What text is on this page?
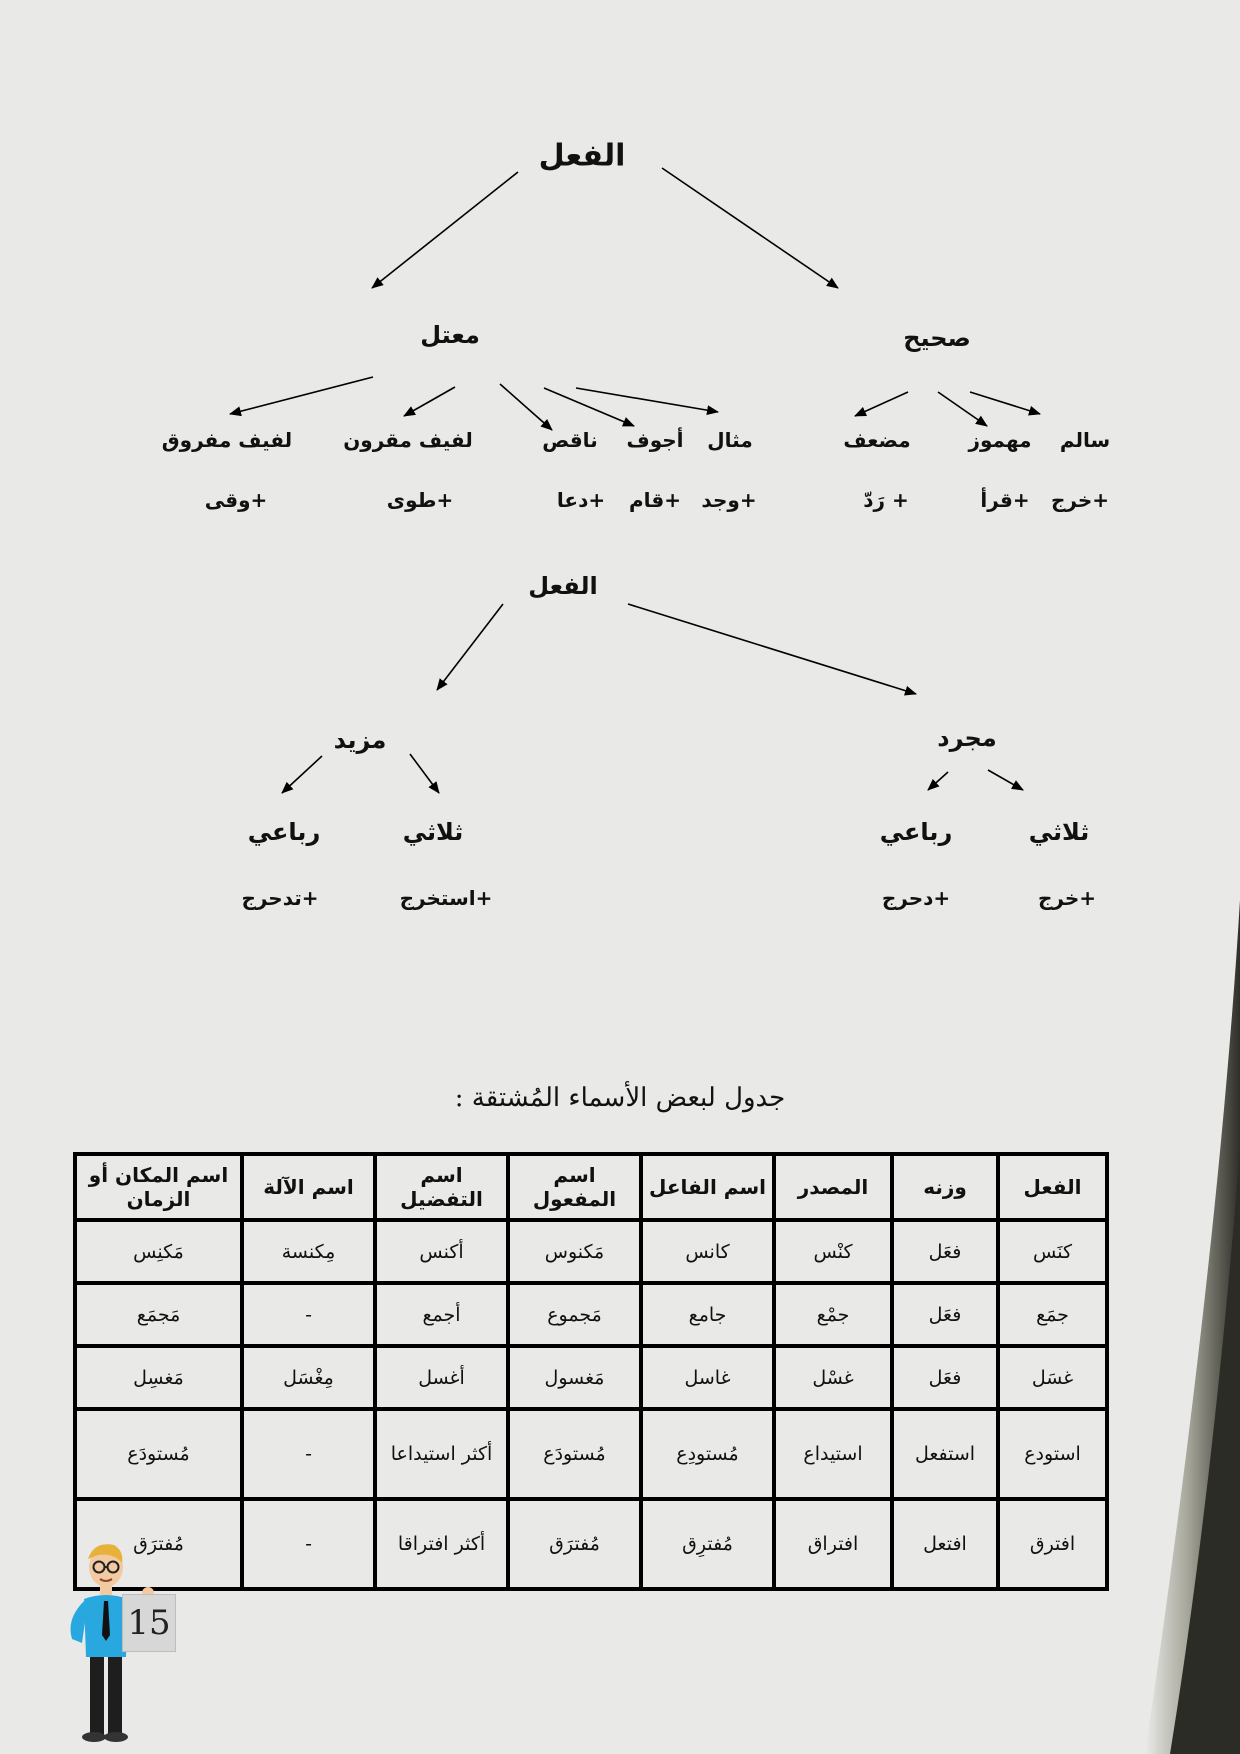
الفعل
صحيح
معتل
سالم
مهموز
مضعف
مثال
أجوف
ناقص
لفيف مقرون
لفيف مفروق
+خرج
+قرأ
+ رَدّ
+وجد
+قام
+دعا
+طوى
+وقى
الفعل
مجرد
مزيد
ثلاثي
رباعي
ثلاثي
رباعي
+خرج
+دحرج
+استخرج
+تدحرج
جدول لبعض الأسماء المُشتقة :
الفعل	وزنه	المصدر	اسم الفاعل	اسم المفعول	اسم التفضيل	اسم الآلة	اسم المكان أو الزمان
كنَس	فعَل	كنْس	كانس	مَكنوس	أكنس	مِكنسة	مَكنِس
جمَع	فعَل	جمْع	جامع	مَجموع	أجمع	-	مَجمَع
غسَل	فعَل	غسْل	غاسل	مَغسول	أغسل	مِغْسَل	مَغسِل
استودع	استفعل	استيداع	مُستودِع	مُستودَع	أكثر استيداعا	-	مُستودَع
افترق	افتعل	افتراق	مُفترِق	مُفترَق	أكثر افتراقا	-	مُفترَق
15
